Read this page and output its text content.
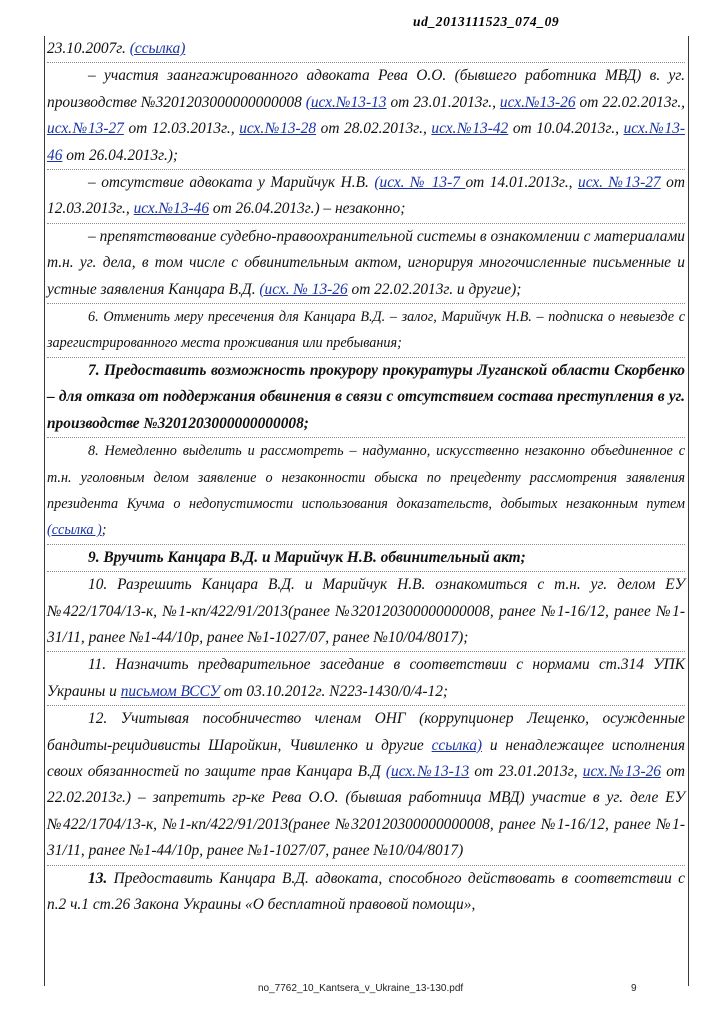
ud_2013111523_074_09

23.10.2007г. (ссылка)

– участия заангажированного адвоката Рева О.О. (бывшего работника МВД) в. уг. производстве №3201203000000000008 (исх.№13-13 от 23.01.2013г., исх.№13-26 от 22.02.2013г., исх.№13-27 от 12.03.2013г., исх.№13-28 от 28.02.2013г., исх.№13-42 от 10.04.2013г., исх.№13-46 от 26.04.2013г.);

– отсутствие адвоката у Марийчук Н.В. (исх. № 13-7 от 14.01.2013г., исх. №13-27 от 12.03.2013г., исх.№13-46 от 26.04.2013г.) – незаконно;

– препятствование судебно-правоохранительной системы в ознакомлении с материалами т.н. уг. дела, в том числе с обвинительным актом, игнорируя многочисленные письменные и устные заявления Канцара В.Д. (исх. № 13-26 от 22.02.2013г. и другие);

6. Отменить меру пресечения для Канцара В.Д. – залог, Марийчук Н.В. – подписка о невыезде с зарегистрированного места проживания или пребывания;

7. Предоставить возможность прокурору прокуратуры Луганской области Скорбенко – для отказа от поддержания обвинения в связи с отсутствием состава преступления в уг. производстве №3201203000000000008;

8. Немедленно выделить и рассмотреть – надуманно, искусственно незаконно объединенное с т.н. уголовным делом заявление о незаконности обыска по прецеденту рассмотрения заявления президента Кучма о недопустимости использования доказательств, добытых незаконным путем (ссылка );

9. Вручить Канцара В.Д. и Марийчук Н.В. обвинительный акт;

10. Разрешить Канцара В.Д. и Марийчук Н.В. ознакомиться с т.н. уг. делом ЕУ №422/1704/13-к, №1-кп/422/91/2013(ранее №320120300000000008, ранее №1-16/12, ранее №1-31/11, ранее №1-44/10р, ранее №1-1027/07, ранее №10/04/8017);

11. Назначить предварительное заседание в соответствии с нормами ст.314 УПК Украины и письмом ВССУ от 03.10.2012г. N223-1430/0/4-12;

12. Учитывая пособничество членам ОНГ (коррупционер Лещенко, осужденные бандиты-рецидивисты Шаройкин, Чивиленко и другие ссылка) и ненадлежащее исполнения своих обязанностей по защите прав Канцара В.Д (исх.№13-13 от 23.01.2013г, исх.№13-26 от 22.02.2013г.) – запретить гр-ке Рева О.О. (бывшая работница МВД) участие в уг. деле ЕУ №422/1704/13-к, №1-кп/422/91/2013(ранее №320120300000000008, ранее №1-16/12, ранее №1-31/11, ранее №1-44/10р, ранее №1-1027/07, ранее №10/04/8017)

13. Предоставить Канцара В.Д. адвоката, способного действовать в соответствии с п.2 ч.1 ст.26 Закона Украины «О бесплатной правовой помощи»,

no_7762_10_Kantsera_v_Ukraine_13-130.pdf	9
